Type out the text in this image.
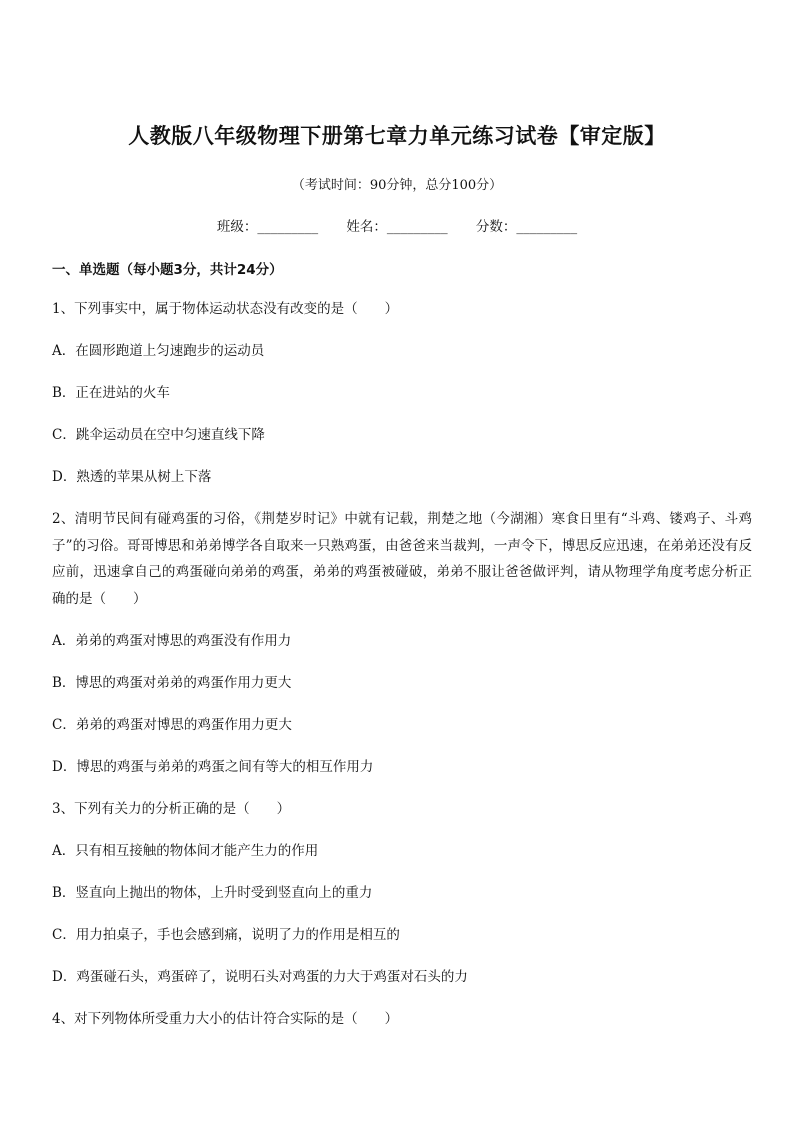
人教版八年级物理下册第七章力单元练习试卷【审定版】
（考试时间：90分钟，总分100分）
班级：_________ 姓名：_________ 分数：_________
一、单选题（每小题3分，共计24分）
1、下列事实中，属于物体运动状态没有改变的是（　　）
A．在圆形跑道上匀速跑步的运动员
B．正在进站的火车
C．跳伞运动员在空中匀速直线下降
D．熟透的苹果从树上下落
2、清明节民间有碰鸡蛋的习俗，《荆楚岁时记》中就有记载，荆楚之地（今湖湘）寒食日里有“斗鸡、镂鸡子、斗鸡子”的习俗。哥哥博思和弟弟博学各自取来一只熟鸡蛋，由爸爸来当裁判，一声令下，博思反应迅速，在弟弟还没有反应前，迅速拿自己的鸡蛋碰向弟弟的鸡蛋，弟弟的鸡蛋被碰破，弟弟不服让爸爸做评判，请从物理学角度考虑分析正确的是（　　）
A．弟弟的鸡蛋对博思的鸡蛋没有作用力
B．博思的鸡蛋对弟弟的鸡蛋作用力更大
C．弟弟的鸡蛋对博思的鸡蛋作用力更大
D．博思的鸡蛋与弟弟的鸡蛋之间有等大的相互作用力
3、下列有关力的分析正确的是（　　）
A．只有相互接触的物体间才能产生力的作用
B．竖直向上抛出的物体，上升时受到竖直向上的重力
C．用力拍桌子，手也会感到痛，说明了力的作用是相互的
D．鸡蛋碰石头，鸡蛋碎了，说明石头对鸡蛋的力大于鸡蛋对石头的力
4、对下列物体所受重力大小的估计符合实际的是（　　）
